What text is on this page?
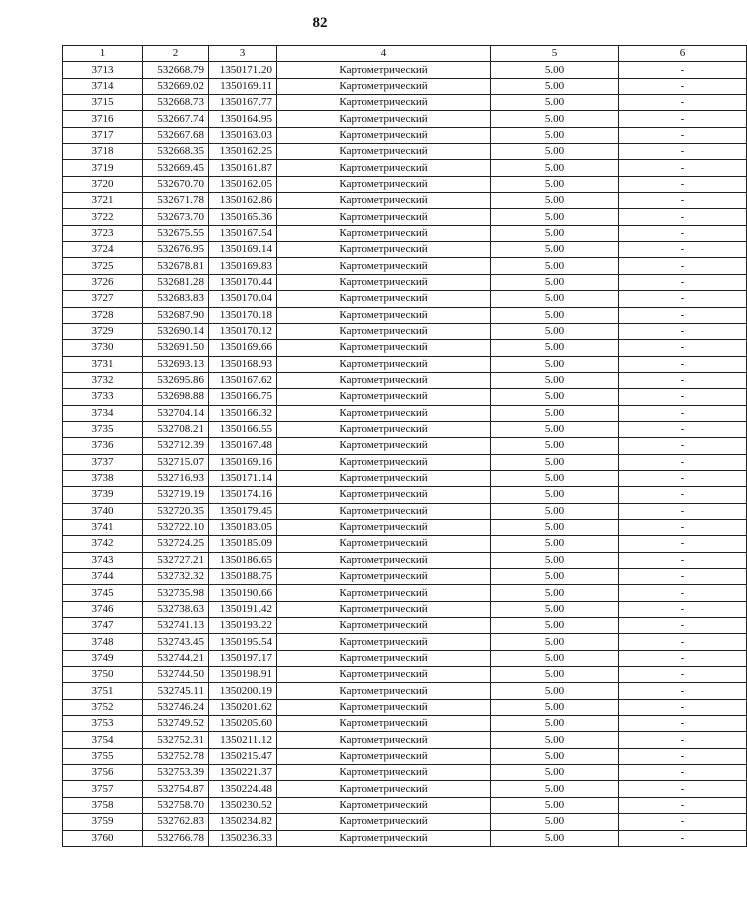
82
1	2	3	4	5	6
3713	532668.79	1350171.20	Картометрический	5.00	-
3714	532669.02	1350169.11	Картометрический	5.00	-
3715	532668.73	1350167.77	Картометрический	5.00	-
3716	532667.74	1350164.95	Картометрический	5.00	-
3717	532667.68	1350163.03	Картометрический	5.00	-
3718	532668.35	1350162.25	Картометрический	5.00	-
3719	532669.45	1350161.87	Картометрический	5.00	-
3720	532670.70	1350162.05	Картометрический	5.00	-
3721	532671.78	1350162.86	Картометрический	5.00	-
3722	532673.70	1350165.36	Картометрический	5.00	-
3723	532675.55	1350167.54	Картометрический	5.00	-
3724	532676.95	1350169.14	Картометрический	5.00	-
3725	532678.81	1350169.83	Картометрический	5.00	-
3726	532681.28	1350170.44	Картометрический	5.00	-
3727	532683.83	1350170.04	Картометрический	5.00	-
3728	532687.90	1350170.18	Картометрический	5.00	-
3729	532690.14	1350170.12	Картометрический	5.00	-
3730	532691.50	1350169.66	Картометрический	5.00	-
3731	532693.13	1350168.93	Картометрический	5.00	-
3732	532695.86	1350167.62	Картометрический	5.00	-
3733	532698.88	1350166.75	Картометрический	5.00	-
3734	532704.14	1350166.32	Картометрический	5.00	-
3735	532708.21	1350166.55	Картометрический	5.00	-
3736	532712.39	1350167.48	Картометрический	5.00	-
3737	532715.07	1350169.16	Картометрический	5.00	-
3738	532716.93	1350171.14	Картометрический	5.00	-
3739	532719.19	1350174.16	Картометрический	5.00	-
3740	532720.35	1350179.45	Картометрический	5.00	-
3741	532722.10	1350183.05	Картометрический	5.00	-
3742	532724.25	1350185.09	Картометрический	5.00	-
3743	532727.21	1350186.65	Картометрический	5.00	-
3744	532732.32	1350188.75	Картометрический	5.00	-
3745	532735.98	1350190.66	Картометрический	5.00	-
3746	532738.63	1350191.42	Картометрический	5.00	-
3747	532741.13	1350193.22	Картометрический	5.00	-
3748	532743.45	1350195.54	Картометрический	5.00	-
3749	532744.21	1350197.17	Картометрический	5.00	-
3750	532744.50	1350198.91	Картометрический	5.00	-
3751	532745.11	1350200.19	Картометрический	5.00	-
3752	532746.24	1350201.62	Картометрический	5.00	-
3753	532749.52	1350205.60	Картометрический	5.00	-
3754	532752.31	1350211.12	Картометрический	5.00	-
3755	532752.78	1350215.47	Картометрический	5.00	-
3756	532753.39	1350221.37	Картометрический	5.00	-
3757	532754.87	1350224.48	Картометрический	5.00	-
3758	532758.70	1350230.52	Картометрический	5.00	-
3759	532762.83	1350234.82	Картометрический	5.00	-
3760	532766.78	1350236.33	Картометрический	5.00	-
